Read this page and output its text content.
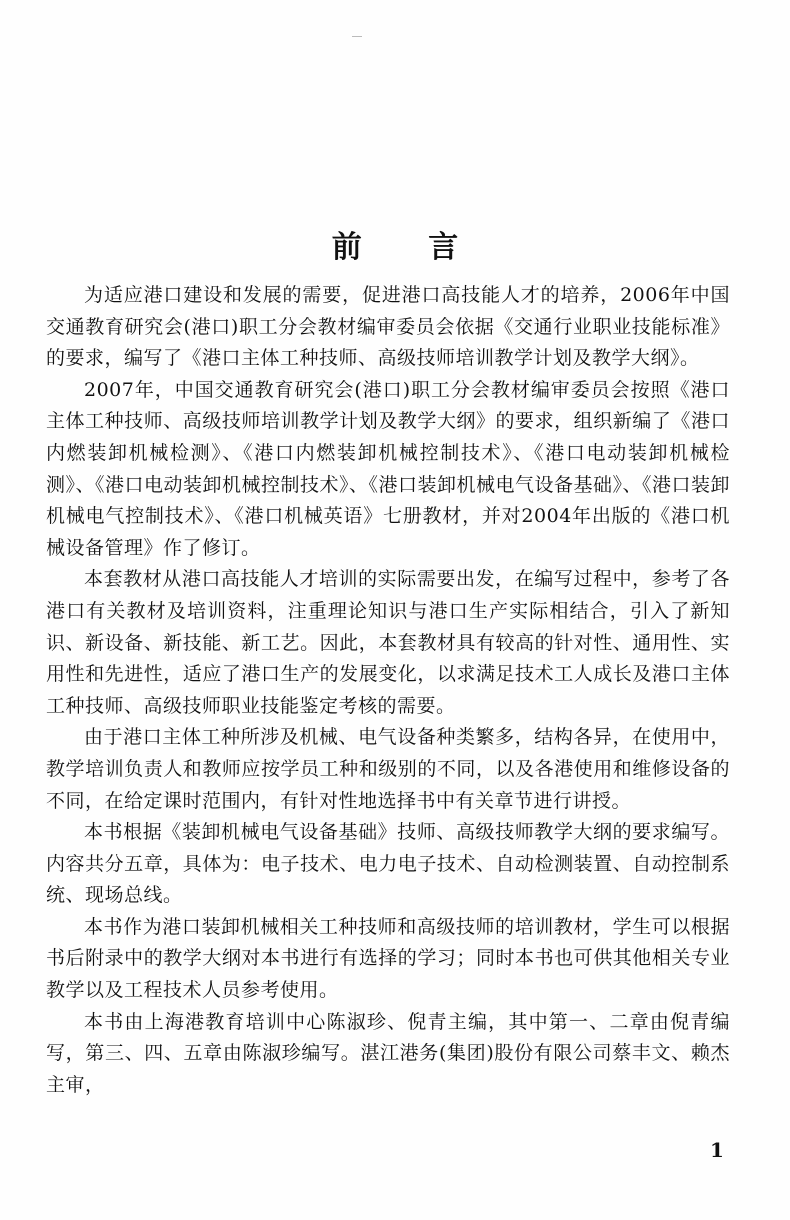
前 言

为适应港口建设和发展的需要，促进港口高技能人才的培养，2006年中国交通教育研究会(港口)职工分会教材编审委员会依据《交通行业职业技能标准》的要求，编写了《港口主体工种技师、高级技师培训教学计划及教学大纲》。

2007年，中国交通教育研究会(港口)职工分会教材编审委员会按照《港口主体工种技师、高级技师培训教学计划及教学大纲》的要求，组织新编了《港口内燃装卸机械检测》、《港口内燃装卸机械控制技术》、《港口电动装卸机械检测》、《港口电动装卸机械控制技术》、《港口装卸机械电气设备基础》、《港口装卸机械电气控制技术》、《港口机械英语》七册教材，并对2004年出版的《港口机械设备管理》作了修订。

本套教材从港口高技能人才培训的实际需要出发，在编写过程中，参考了各港口有关教材及培训资料，注重理论知识与港口生产实际相结合，引入了新知识、新设备、新技能、新工艺。因此，本套教材具有较高的针对性、通用性、实用性和先进性，适应了港口生产的发展变化，以求满足技术工人成长及港口主体工种技师、高级技师职业技能鉴定考核的需要。

由于港口主体工种所涉及机械、电气设备种类繁多，结构各异，在使用中，教学培训负责人和教师应按学员工种和级别的不同，以及各港使用和维修设备的不同，在给定课时范围内，有针对性地选择书中有关章节进行讲授。

本书根据《装卸机械电气设备基础》技师、高级技师教学大纲的要求编写。内容共分五章，具体为：电子技术、电力电子技术、自动检测装置、自动控制系统、现场总线。

本书作为港口装卸机械相关工种技师和高级技师的培训教材，学生可以根据书后附录中的教学大纲对本书进行有选择的学习；同时本书也可供其他相关专业教学以及工程技术人员参考使用。

本书由上海港教育培训中心陈淑珍、倪青主编，其中第一、二章由倪青编写，第三、四、五章由陈淑珍编写。湛江港务(集团)股份有限公司蔡丰文、赖杰主审，

1
